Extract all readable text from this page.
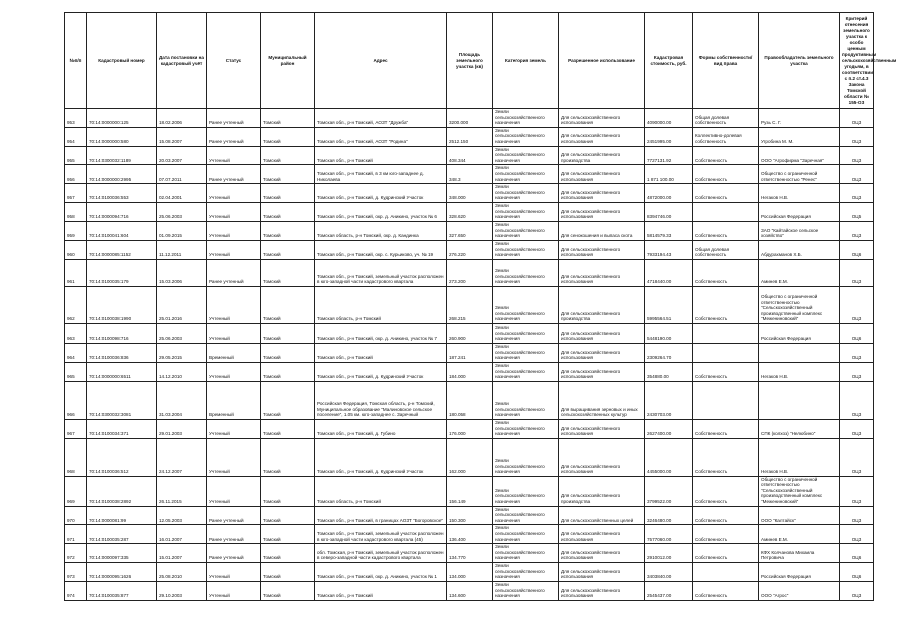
№п/п	Кадастровый номер	Дата постановки на кадастровый учёт	Статус	Муниципальный район	Адрес	Площадь земельного участка (кв)	Категория земель	Разрешенное использование	Кадастровая стоимость, руб.	Формы собственности/вид права	Правообладатель земельного участка	Критерий отнесения земельного участка к особо ценным продуктивным сельскохозяйственным угодьям, в соответствии с п.2 ст.4.3 Закона Томской области № 155-ОЗ
953	70:14:0000000:125	18.02.2006	Ранее учтенный	Томский	Томская обл., р-н Томский, АОЗТ "Дружба"	3200.000	Земли сельскохозяйственного назначения	Для сельскохозяйственного использования	4090000.00	Общая долевая собственность	Рузь С. Г.	ОЦ3
954	70:14:0000000:580	15.08.2007	Ранее учтенный	Томский	Томская обл., р-н Томский, АОЗТ "Родина"	2512.150	Земли сельскохозяйственного назначения	Для сельскохозяйственного использования	2451995.00	Коллективно-долевая собственность	Угробина М. М.	ОЦ3
955	70:14:0300032:1189	20.03.2007	Учтенный	Томский	Томская обл., р-н Томский	408.344	Земли сельскохозяйственного назначения	Для сельскохозяйственного производства	7727131.92	Собственность	ООО "Агрофирма "Заречная"	ОЦ3
956	70:14:0000000:2995	07.07.2011	Ранее учтенный	Томский	Томская обл., р-н Томский, в 3 км юго-западнее д. Николаева	348.3	Земли сельскохозяйственного назначения	Для сельскохозяйственного использования	1 871 100.00	Собственность	Общество с ограниченной ответственностью "Ренес"	ОЦ3
957	70:14:0100036:553	02.04.2001	Учтенный	Томский	Томская обл., р-н Томский, д. Кудринский Участок	348.000	Земли сельскохозяйственного назначения	Для сельскохозяйственного использования	4872000.00	Собственность	Негаков Н.В.	ОЦ3
958	70:14:0000094:716	25.06.2003	Учтенный	Томский	Томская обл., р-н Томский, окр. д. Аникино, участок № 6	328.620	Земли сельскохозяйственного назначения	Для сельскохозяйственного использования	8394746.00		Российская Федерация	ОЦ5
959	70:14:0100041:604	01.09.2015	Учтенный	Томский	Томская область, р-н Томский, окр. д. Кандинка	327.650	Земли сельскохозяйственного назначения	Для сенокошения и выпаса скота	5814579.33	Собственность	ЗАО "Кайтайское сельское хозяйство"	ОЦ3
960	70:14:0000085:1152	11.12.2011	Учтенный	Томский	Томская обл., р-н Томский, окр. с. Курьиково, уч. № 19	276.220	Земли сельскохозяйственного назначения	Для сельскохозяйственного использования	7933194.43	Общая долевая собственность	Абдурахманов Х.Б.	ОЦ6
961	70:14:0100035:179	15.03.2006	Ранее учтенный	Томский	Томская обл., р-н Томский, земельный участок расположен в юго-западной части кадастрового квартала	273.200	Земли сельскохозяйственного назначения	Для сельскохозяйственного использования	4718440.00	Собственность	Аминев Е.М.	ОЦ3
962	70:14:0100038:1990	25.01.2016	Учтенный	Томский	Томская область, р-н Томский	268.215	Земли сельскохозяйственного назначения	Для сельскохозяйственного производства	5995564.51	Собственность	Общество с ограниченной ответственностью "Сельскохозяйственный производственный комплекс "Межениновский"	ОЦ3
963	70:14:0100098:716	25.06.2003	Учтенный	Томский	Томская обл., р-н Томский, окр. д. Аникино, участок № 7	260.900	Земли сельскохозяйственного назначения	Для сельскохозяйственного использования	5448190.00		Российская Федерация	ОЦ6
964	70:14:0100036:836	29.05.2015	Временный	Томский	Томская обл., р-н Томский	187.241	Земли сельскохозяйственного назначения	Для сельскохозяйственного использования	2309264.70			ОЦ3
965	70:14:0000000:6511	14.12.2010	Учтенный	Томский	Томская обл., р-н Томский, д. Кудринский Участок	184.000	Земли сельскохозяйственного назначения	Для сельскохозяйственного использования	354880.00	Собственность	Негаков Н.В.	ОЦ3
966	70:14:0300032:3081	31.03.2004	Временный	Томский	Российская Федерация, Томская область, р-н Томский, Муниципальное образование "Малиновское сельское поселение", 1.05 км. юго-западнее с. Заречный	180.058	Земли сельскохозяйственного назначения	Для выращивания зерновых и иных сельскохозяйственных культур	2430703.00			ОЦ3
967	70:14:0100034:371	29.01.2003	Учтенный	Томский	Томская обл., р-н Томский, д. Губино	176.000	Земли сельскохозяйственного назначения	Для сельскохозяйственного использования	2627400.00	Собственность	СПК (колхоз) "Нелюбино"	ОЦ3
968	70:14:0100036:512	24.12.2007	Учтенный	Томский	Томская обл., р-н Томский, д. Кудринский Участок	162.000	Земли сельскохозяйственного назначения	Для сельскохозяйственного использования	4455000.00	Собственность	Негаков Н.В.	ОЦ3
969	70:14:0100038:2892	26.11.2015	Учтенный	Томский	Томская область, р-н Томский	156.149	Земли сельскохозяйственного назначения	Для сельскохозяйственного производства	3799522.00	Собственность	Общество с ограниченной ответственностью "Сельскохозяйственный производственный комплекс "Межениновский"	ОЦ3
970	70:14:0000081:99	12.05.2003	Ранее учтенный	Томский	Томская обл., р-н Томский, в границах АОЗТ "Богоровское"	150.300	Земли сельскохозяйственного назначения	Для сельскохозяйственных целей	3246480.00	Собственность	ООО "Калтайск"	ОЦ3
971	70:14:0100035:287	16.01.2007	Ранее учтенный	Томский	Томская обл., р-н Томский, земельный участок расположен в юго-западной части кадастрового квартала (45)	136.400	Земли сельскохозяйственного назначения	Для сельскохозяйственного использования	7577060.00	Собственность	Аминев Е.М.	ОЦ3
972	70:14:0000097:335	15.01.2007	Ранее учтенный	Томский	обл. Томская, р-н Томский, земельный участок расположен в северо-западной части кадастрового квартала	134.770	Земли сельскохозяйственного назначения	Для сельскохозяйственного использования	2910012.00	Собственность	КФХ Колчанова Михаила Петровича	ОЦ6
973	70:14:0000095:1626	25.08.2010	Учтенный	Томский	Томская обл., р-н Томский, окр. д. Аникино, участок № 1	134.000	Земли сельскохозяйственного назначения	Для сельскохозяйственного использования	3403840.00		Российская Федерация	ОЦ6
974	70:14:0100035:877	29.10.2003	Учтенный	Томский	Томская обл., р-н Томский	134.600	Земли сельскохозяйственного назначения	Для сельскохозяйственного использования	2545437.00	Собственность	ООО "Агрос"	ОЦ3
